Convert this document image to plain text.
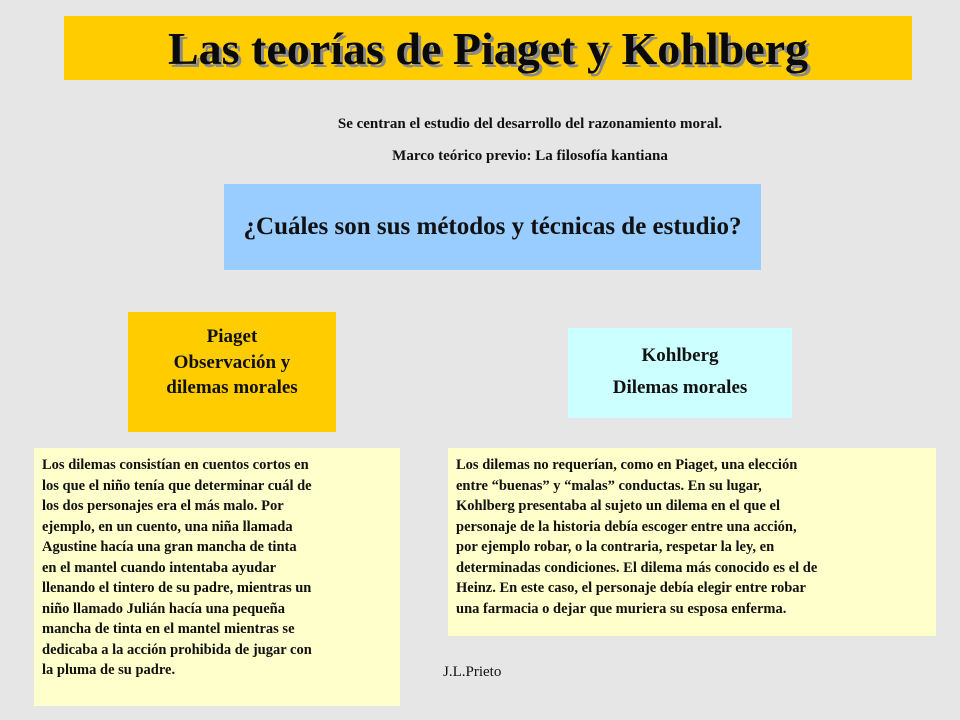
Las teorías de Piaget y Kohlberg
Se centran el estudio del desarrollo del razonamiento moral.
Marco teórico previo: La filosofía kantiana
¿Cuáles son sus métodos y técnicas de estudio?
Piaget
Observación y
dilemas morales
Kohlberg
Dilemas morales
Los dilemas consistían en cuentos cortos en
los que el niño tenía que determinar cuál de
los dos personajes era el más malo. Por
ejemplo, en un cuento, una niña llamada
Agustine hacía una gran mancha de tinta
en el mantel cuando intentaba ayudar
llenando el tintero de su padre, mientras un
niño llamado Julián hacía una pequeña
mancha de tinta en el mantel mientras se
dedicaba a la acción prohibida de jugar con
la pluma de su padre.
Los dilemas no requerían, como en Piaget, una elección
entre “buenas” y “malas” conductas. En su lugar,
Kohlberg presentaba al sujeto un dilema en el que el
personaje de la historia debía escoger entre una acción,
por ejemplo robar, o la contraria, respetar la ley, en
determinadas condiciones. El dilema más conocido es el de
Heinz. En este caso, el personaje debía elegir entre robar
una farmacia o dejar que muriera su esposa enferma.
J.L.Prieto
